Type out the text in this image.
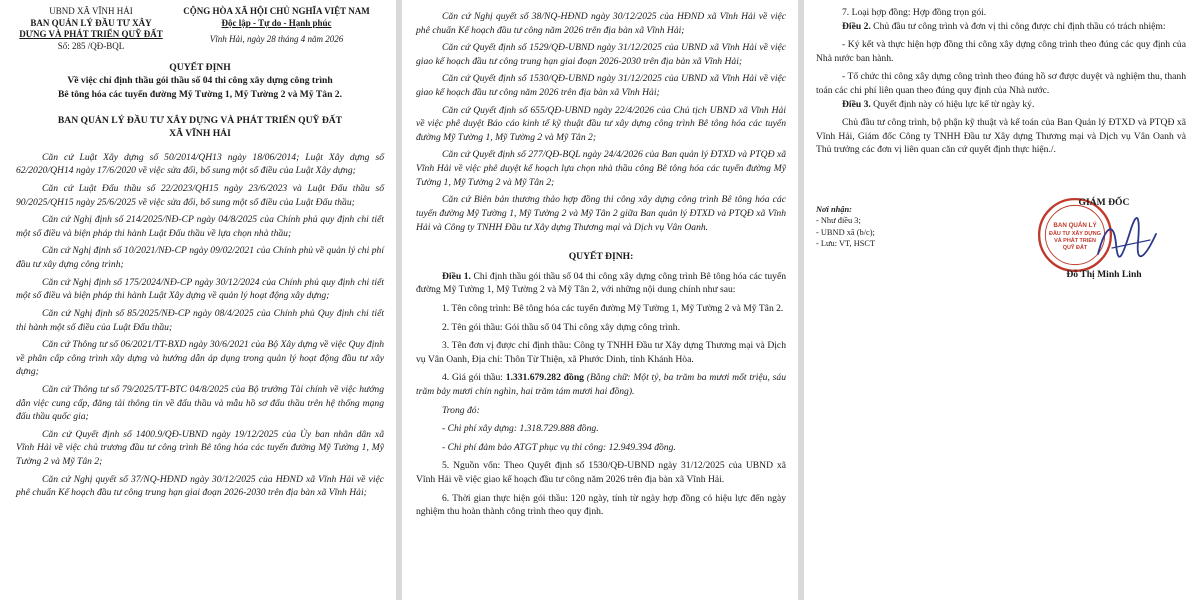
UBND XÃ VĨNH HẢI

BAN QUẢN LÝ ĐẦU TƯ XÂY

DỰNG VÀ PHÁT TRIỂN QUỸ ĐẤT

Số: 285 /QĐ-BQL

CỘNG HÒA XÃ HỘI CHỦ NGHĨA VIỆT NAM

Độc lập - Tự do - Hạnh phúc

Vĩnh Hải, ngày 28 tháng 4 năm 2026

QUYẾT ĐỊNH

Về việc chỉ định thầu gói thầu số 04 thi công xây dựng công trình

Bê tông hóa các tuyến đường Mỹ Tường 1, Mỹ Tường 2 và Mỹ Tân 2.

BAN QUẢN LÝ ĐẦU TƯ XÂY DỰNG VÀ PHÁT TRIỂN QUỸ ĐẤT

XÃ VĨNH HẢI

Căn cứ Luật Xây dựng số 50/2014/QH13 ngày 18/06/2014; Luật Xây dựng số 62/2020/QH14 ngày 17/6/2020 về việc sửa đổi, bổ sung một số điều của Luật Xây dựng;

Căn cứ Luật Đấu thầu số 22/2023/QH15 ngày 23/6/2023 và Luật Đấu thầu số 90/2025/QH15 ngày 25/6/2025 về việc sửa đổi, bổ sung một số điều của Luật Đấu thầu;

Căn cứ Nghị định số 214/2025/NĐ-CP ngày 04/8/2025 của Chính phủ quy định chi tiết một số điều và biện pháp thi hành Luật Đấu thầu về lựa chọn nhà thầu;

Căn cứ Nghị định số 10/2021/NĐ-CP ngày 09/02/2021 của Chính phủ về quản lý chi phí đầu tư xây dựng công trình;

Căn cứ Nghị định số 175/2024/NĐ-CP ngày 30/12/2024 của Chính phủ quy định chi tiết một số điều và biện pháp thi hành Luật Xây dựng về quản lý hoạt động xây dựng;

Căn cứ Nghị định số 85/2025/NĐ-CP ngày 08/4/2025 của Chính phủ Quy định chi tiết thi hành một số điều của Luật Đấu thầu;

Căn cứ Thông tư số 06/2021/TT-BXD ngày 30/6/2021 của Bộ Xây dựng về việc Quy định về phân cấp công trình xây dựng và hướng dẫn áp dụng trong quản lý hoạt động đầu tư xây dựng;

Căn cứ Thông tư số 79/2025/TT-BTC 04/8/2025 của Bộ trưởng Tài chính về việc hướng dẫn việc cung cấp, đăng tải thông tin về đấu thầu và mẫu hồ sơ đấu thầu trên hệ thống mạng đấu thầu quốc gia;

Căn cứ Quyết định số 1400.9/QĐ-UBND ngày 19/12/2025 của Ủy ban nhân dân xã Vĩnh Hải về việc chủ trương đầu tư công trình Bê tông hóa các tuyến đường Mỹ Tường 1, Mỹ Tường 2 và Mỹ Tân 2;

Căn cứ Nghị quyết số 37/NQ-HĐND ngày 30/12/2025 của HĐND xã Vĩnh Hải về việc phê chuẩn Kế hoạch đầu tư công trung hạn giai đoạn 2026-2030 trên địa bàn xã Vĩnh Hải;

Căn cứ Nghị quyết số 38/NQ-HĐND ngày 30/12/2025 của HĐND xã Vĩnh Hải về việc phê chuẩn Kế hoạch đầu tư công năm 2026 trên địa bàn xã Vĩnh Hải;

Căn cứ Quyết định số 1529/QĐ-UBND ngày 31/12/2025 của UBND xã Vĩnh Hải về việc giao kế hoạch đầu tư công trung hạn giai đoạn 2026-2030 trên địa bàn xã Vĩnh Hải;

Căn cứ Quyết định số 1530/QĐ-UBND ngày 31/12/2025 của UBND xã Vĩnh Hải về việc giao kế hoạch đầu tư công năm 2026 trên địa bàn xã Vĩnh Hải;

Căn cứ Quyết định số 655/QĐ-UBND ngày 22/4/2026 của Chủ tịch UBND xã Vĩnh Hải về việc phê duyệt Báo cáo kinh tế kỹ thuật đầu tư xây dựng công trình Bê tông hóa các tuyến đường Mỹ Tường 1, Mỹ Tường 2 và Mỹ Tân 2;

Căn cứ Quyết định số 277/QĐ-BQL ngày 24/4/2026 của Ban quản lý ĐTXD và PTQĐ xã Vĩnh Hải về việc phê duyệt kế hoạch lựa chọn nhà thầu công Bê tông hóa các tuyến đường Mỹ Tường 1, Mỹ Tường 2 và Mỹ Tân 2;

Căn cứ Biên bản thương thảo hợp đồng thi công xây dựng công trình Bê tông hóa các tuyến đường Mỹ Tường 1, Mỹ Tường 2 và Mỹ Tân 2 giữa Ban quản lý ĐTXD và PTQĐ xã Vĩnh Hải và Công ty TNHH Đầu tư Xây dựng Thương mại và Dịch vụ Vân Oanh.

QUYẾT ĐỊNH:

Điều 1. Chỉ định thầu gói thầu số 04 thi công xây dựng công trình Bê tông hóa các tuyến đường Mỹ Tường 1, Mỹ Tường 2 và Mỹ Tân 2, với những nội dung chính như sau:

1. Tên công trình: Bê tông hóa các tuyến đường Mỹ Tường 1, Mỹ Tường 2 và Mỹ Tân 2.

2. Tên gói thầu: Gói thầu số 04 Thi công xây dựng công trình.

3. Tên đơn vị được chỉ định thầu: Công ty TNHH Đầu tư Xây dựng Thương mại và Dịch vụ Vân Oanh, Địa chỉ: Thôn Từ Thiện, xã Phước Dinh, tỉnh Khánh Hòa.

4. Giá gói thầu: 1.331.679.282 đồng (Bằng chữ: Một tỷ, ba trăm ba mươi mốt triệu, sáu trăm bảy mươi chín nghìn, hai trăm tám mươi hai đồng).

Trong đó:

- Chi phí xây dựng: 1.318.729.888 đồng.

- Chi phí đảm bảo ATGT phục vụ thi công: 12.949.394 đồng.

5. Nguồn vốn: Theo Quyết định số 1530/QĐ-UBND ngày 31/12/2025 của UBND xã Vĩnh Hải về việc giao kế hoạch đầu tư công năm 2026 trên địa bàn xã Vĩnh Hải.

6. Thời gian thực hiện gói thầu: 120 ngày, tính từ ngày hợp đồng có hiệu lực đến ngày nghiệm thu hoàn thành công trình theo quy định.

7. Loại hợp đồng: Hợp đồng trọn gói.

Điều 2. Chủ đầu tư công trình và đơn vị thi công được chỉ định thầu có trách nhiệm:

- Ký kết và thực hiện hợp đồng thi công xây dựng công trình theo đúng các quy định của Nhà nước ban hành.

- Tổ chức thi công xây dựng công trình theo đúng hồ sơ được duyệt và nghiệm thu, thanh toán các chi phí liên quan theo đúng quy định của Nhà nước.

Điều 3. Quyết định này có hiệu lực kể từ ngày ký.

Chủ đầu tư công trình, bộ phận kỹ thuật và kế toán của Ban Quản lý ĐTXD và PTQĐ xã Vĩnh Hải, Giám đốc Công ty TNHH Đầu tư Xây dựng Thương mại và Dịch vụ Vân Oanh và Thủ trưởng các đơn vị liên quan căn cứ quyết định thực hiện./.

Nơi nhận:

- Như điều 3;

- UBND xã (b/c);

- Lưu: VT, HSCT

BAN QUẢN LÝ
ĐẦU TƯ XÂY DỰNG
VÀ PHÁT TRIỂN
QUỸ ĐẤT

GIÁM ĐỐC

Đỗ Thị Minh Linh
